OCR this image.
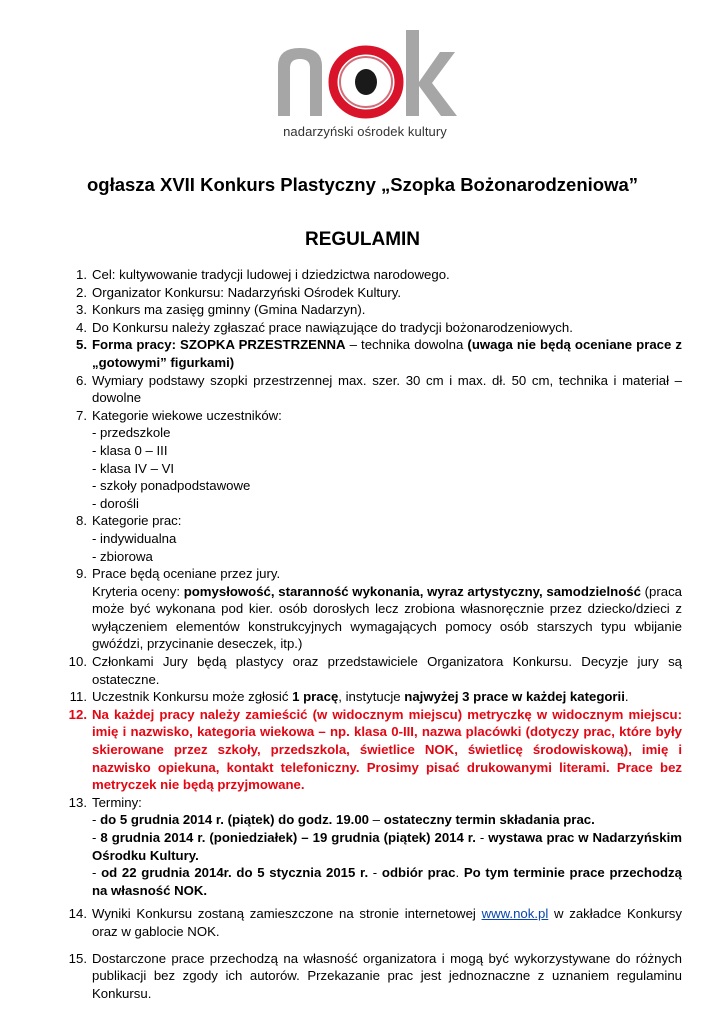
nadarzyński ośrodek kultury
ogłasza XVII Konkurs Plastyczny „Szopka Bożonarodzeniowa”
REGULAMIN
1. Cel: kultywowanie tradycji ludowej i dziedzictwa narodowego.
2. Organizator Konkursu: Nadarzyński Ośrodek Kultury.
3. Konkurs ma zasięg gminny (Gmina Nadarzyn).
4. Do Konkursu należy zgłaszać prace nawiązujące do tradycji bożonarodzeniowych.
5. Forma pracy: SZOPKA PRZESTRZENNA – technika dowolna (uwaga nie będą oceniane prace z „gotowymi” figurkami)
6. Wymiary podstawy szopki przestrzennej max. szer. 30 cm i max. dł. 50 cm, technika i materiał – dowolne
7. Kategorie wiekowe uczestników:
- przedszkole
- klasa 0 – III
- klasa IV – VI
- szkoły ponadpodstawowe
- dorośli
8. Kategorie prac:
- indywidualna
- zbiorowa
9. Prace będą oceniane przez jury.
Kryteria oceny: pomysłowość, staranność wykonania, wyraz artystyczny, samodzielność (praca może być wykonana pod kier. osób dorosłych lecz zrobiona własnoręcznie przez dziecko/dzieci z wyłączeniem elementów konstrukcyjnych wymagających pomocy osób starszych typu wbijanie gwóździ, przycinanie deseczek, itp.)
10. Członkami Jury będą plastycy oraz przedstawiciele Organizatora Konkursu. Decyzje jury są ostateczne.
11. Uczestnik Konkursu może zgłosić 1 pracę, instytucje najwyżej 3 prace w każdej kategorii.
12. Na każdej pracy należy zamieścić (w widocznym miejscu) metryczkę w widocznym miejscu: imię i nazwisko, kategoria wiekowa – np. klasa 0-III, nazwa placówki (dotyczy prac, które były skierowane przez szkoły, przedszkola, świetlice NOK, świetlicę środowiskową), imię i nazwisko opiekuna, kontakt telefoniczny. Prosimy pisać drukowanymi literami. Prace bez metryczek nie będą przyjmowane.
13. Terminy:
- do 5 grudnia 2014 r. (piątek) do godz. 19.00 – ostateczny termin składania prac.
- 8 grudnia 2014 r. (poniedziałek) – 19 grudnia (piątek) 2014 r. - wystawa prac w Nadarzyńskim Ośrodku Kultury.
- od 22 grudnia 2014r. do 5 stycznia 2015 r. - odbiór prac. Po tym terminie prace przechodzą na własność NOK.
14. Wyniki Konkursu zostaną zamieszczone na stronie internetowej www.nok.pl w zakładce Konkursy oraz w gablocie NOK.
15. Dostarczone prace przechodzą na własność organizatora i mogą być wykorzystywane do różnych publikacji bez zgody ich autorów. Przekazanie prac jest jednoznaczne z uznaniem regulaminu Konkursu.
